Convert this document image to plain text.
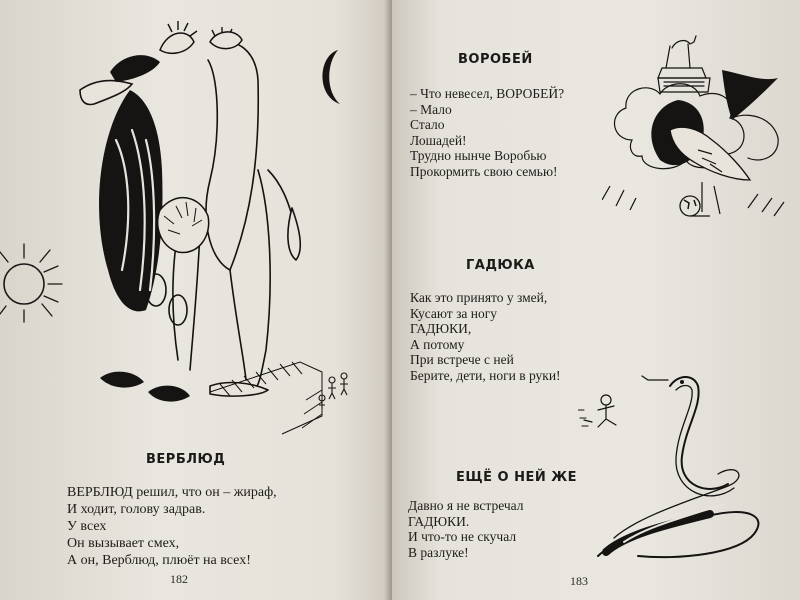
ВЕРБЛЮД
ВЕРБЛЮД решил, что он – жираф,
И ходит, голову задрав.
У всех
Он вызывает смех,
А он, Верблюд, плюёт на всех!
182
ВОРОБЕЙ
– Что невесел, ВОРОБЕЙ?
– Мало
Стало
Лошадей!
Трудно нынче Воробью
Прокормить свою семью!
ГАДЮКА
Как это принято у змей,
Кусают за ногу
ГАДЮКИ,
А потому
При встрече с ней
Берите, дети, ноги в руки!
ЕЩЁ О НЕЙ ЖЕ
Давно я не встречал
ГАДЮКИ.
И что-то не скучал
В разлуке!
183
